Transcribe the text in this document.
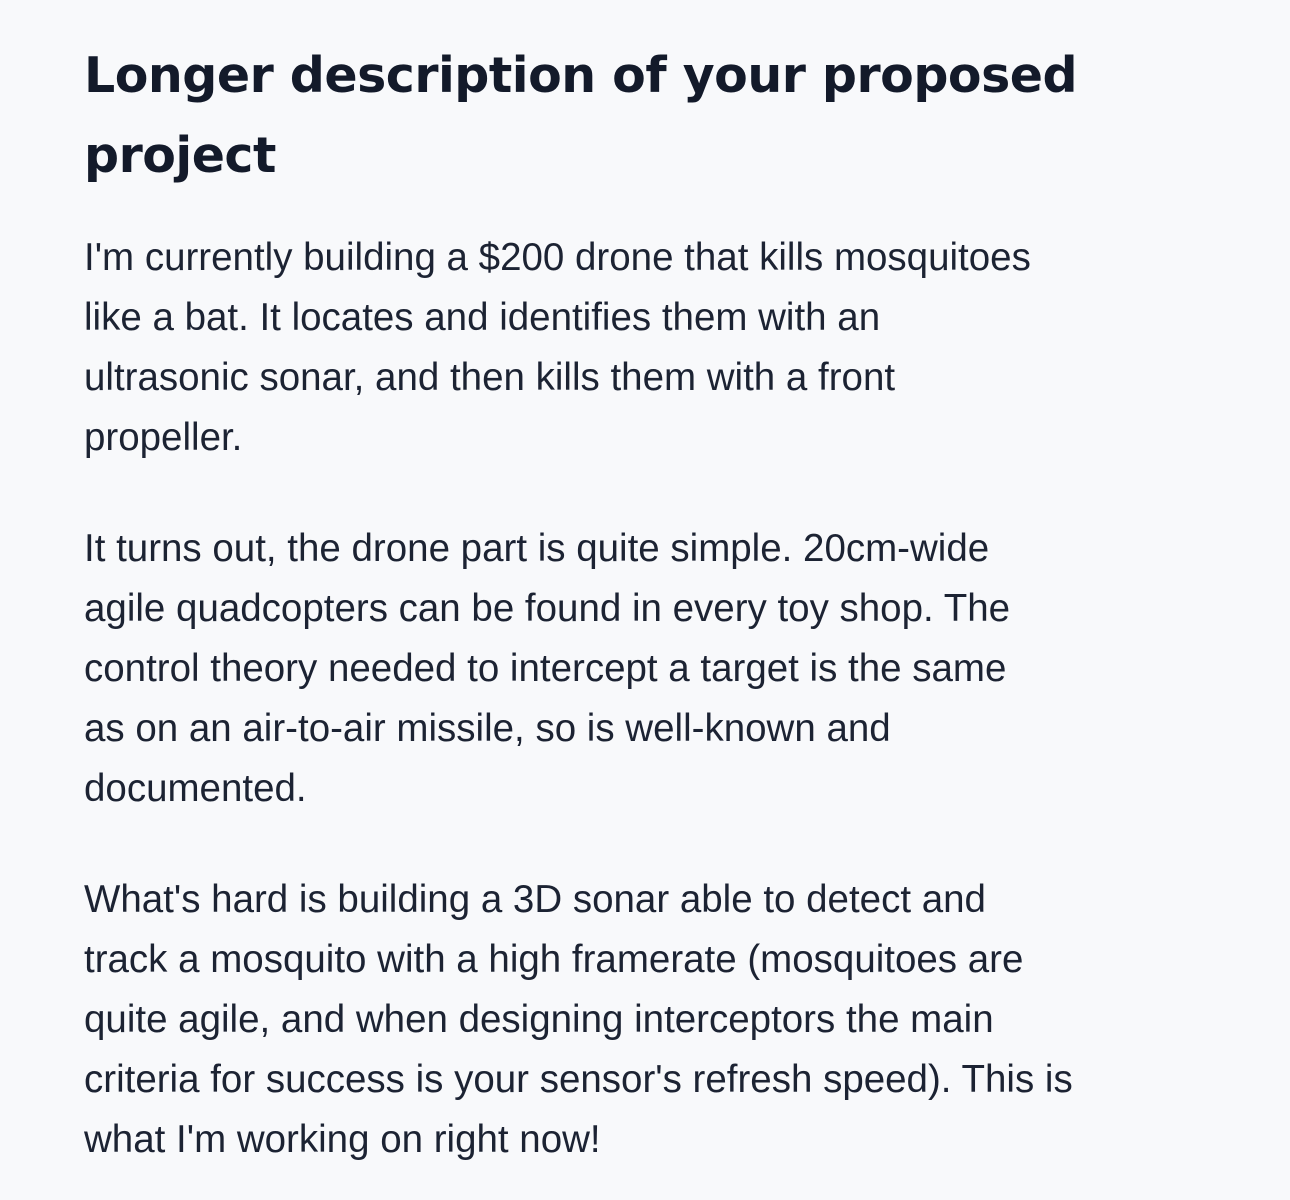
Longer description of your proposed
project

I'm currently building a $200 drone that kills mosquitoes
like a bat. It locates and identifies them with an
ultrasonic sonar, and then kills them with a front
propeller.

It turns out, the drone part is quite simple. 20cm-wide
agile quadcopters can be found in every toy shop. The
control theory needed to intercept a target is the same
as on an air-to-air missile, so is well-known and
documented.

What's hard is building a 3D sonar able to detect and
track a mosquito with a high framerate (mosquitoes are
quite agile, and when designing interceptors the main
criteria for success is your sensor's refresh speed). This is
what I'm working on right now!
